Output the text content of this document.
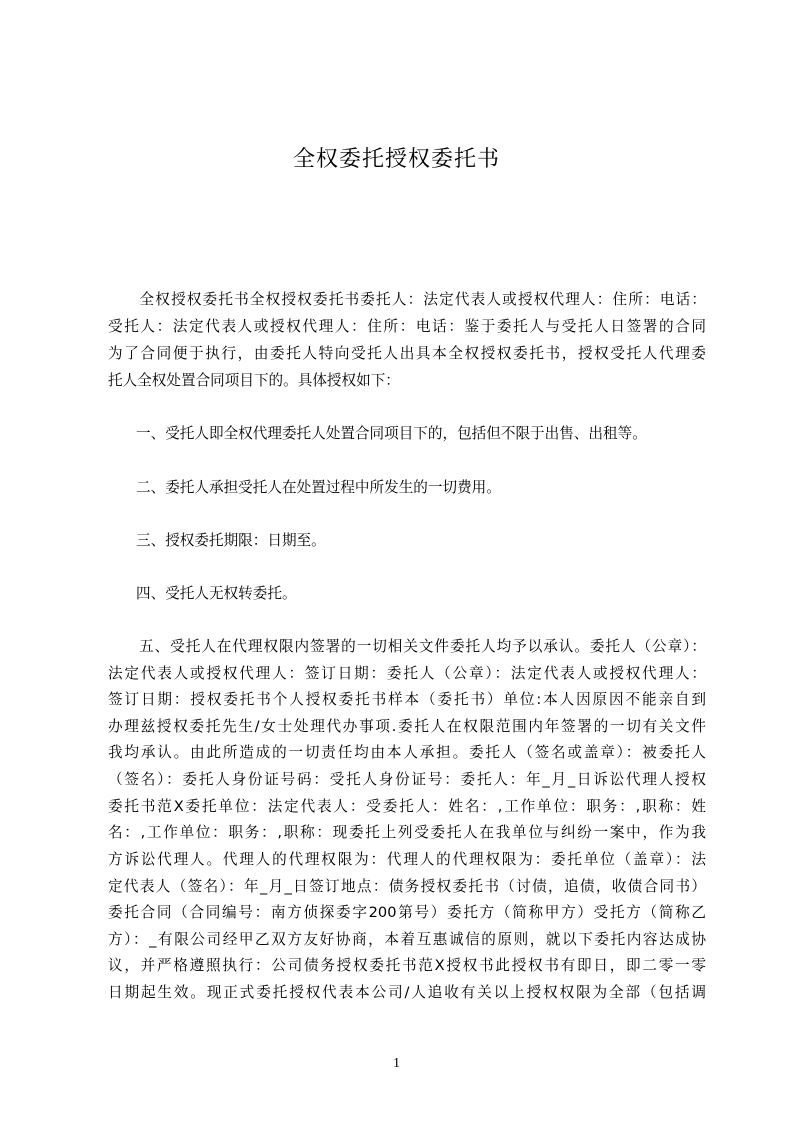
全权委托授权委托书
　　全权授权委托书全权授权委托书委托人：法定代表人或授权代理人：住所：电话：
受托人：法定代表人或授权代理人：住所：电话：鉴于委托人与受托人日签署的合同
为了合同便于执行，由委托人特向受托人出具本全权授权委托书，授权受托人代理委
托人全权处置合同项目下的。具体授权如下：
一、受托人即全权代理委托人处置合同项目下的，包括但不限于出售、出租等。
二、委托人承担受托人在处置过程中所发生的一切费用。
三、授权委托期限：日期至。
四、受托人无权转委托。
　　五、受托人在代理权限内签署的一切相关文件委托人均予以承认。委托人（公章）：
法定代表人或授权代理人：签订日期：委托人（公章）：法定代表人或授权代理人：
签订日期：授权委托书个人授权委托书样本（委托书）单位:本人因原因不能亲自到
办理兹授权委托先生/女士处理代办事项.委托人在权限范围内年签署的一切有关文件
我均承认。由此所造成的一切责任均由本人承担。委托人（签名或盖章）：被委托人
（签名）：委托人身份证号码：受托人身份证号：委托人：年_月_日诉讼代理人授权
委托书范X委托单位：法定代表人：受委托人：姓名：,工作单位：职务：,职称：姓
名：,工作单位：职务：,职称：现委托上列受委托人在我单位与纠纷一案中，作为我
方诉讼代理人。代理人的代理权限为：代理人的代理权限为：委托单位（盖章）：法
定代表人（签名）：年_月_日签订地点：债务授权委托书（讨债，追债，收债合同书）
委托合同（合同编号：南方侦探委字200第号）委托方（简称甲方）受托方（简称乙
方）：_有限公司经甲乙双方友好协商，本着互惠诚信的原则，就以下委托内容达成协
议，并严格遵照执行：公司债务授权委托书范X授权书此授权书有即日，即二零一零
日期起生效。现正式委托授权代表本公司/人追收有关以上授权权限为全部（包括调
1
